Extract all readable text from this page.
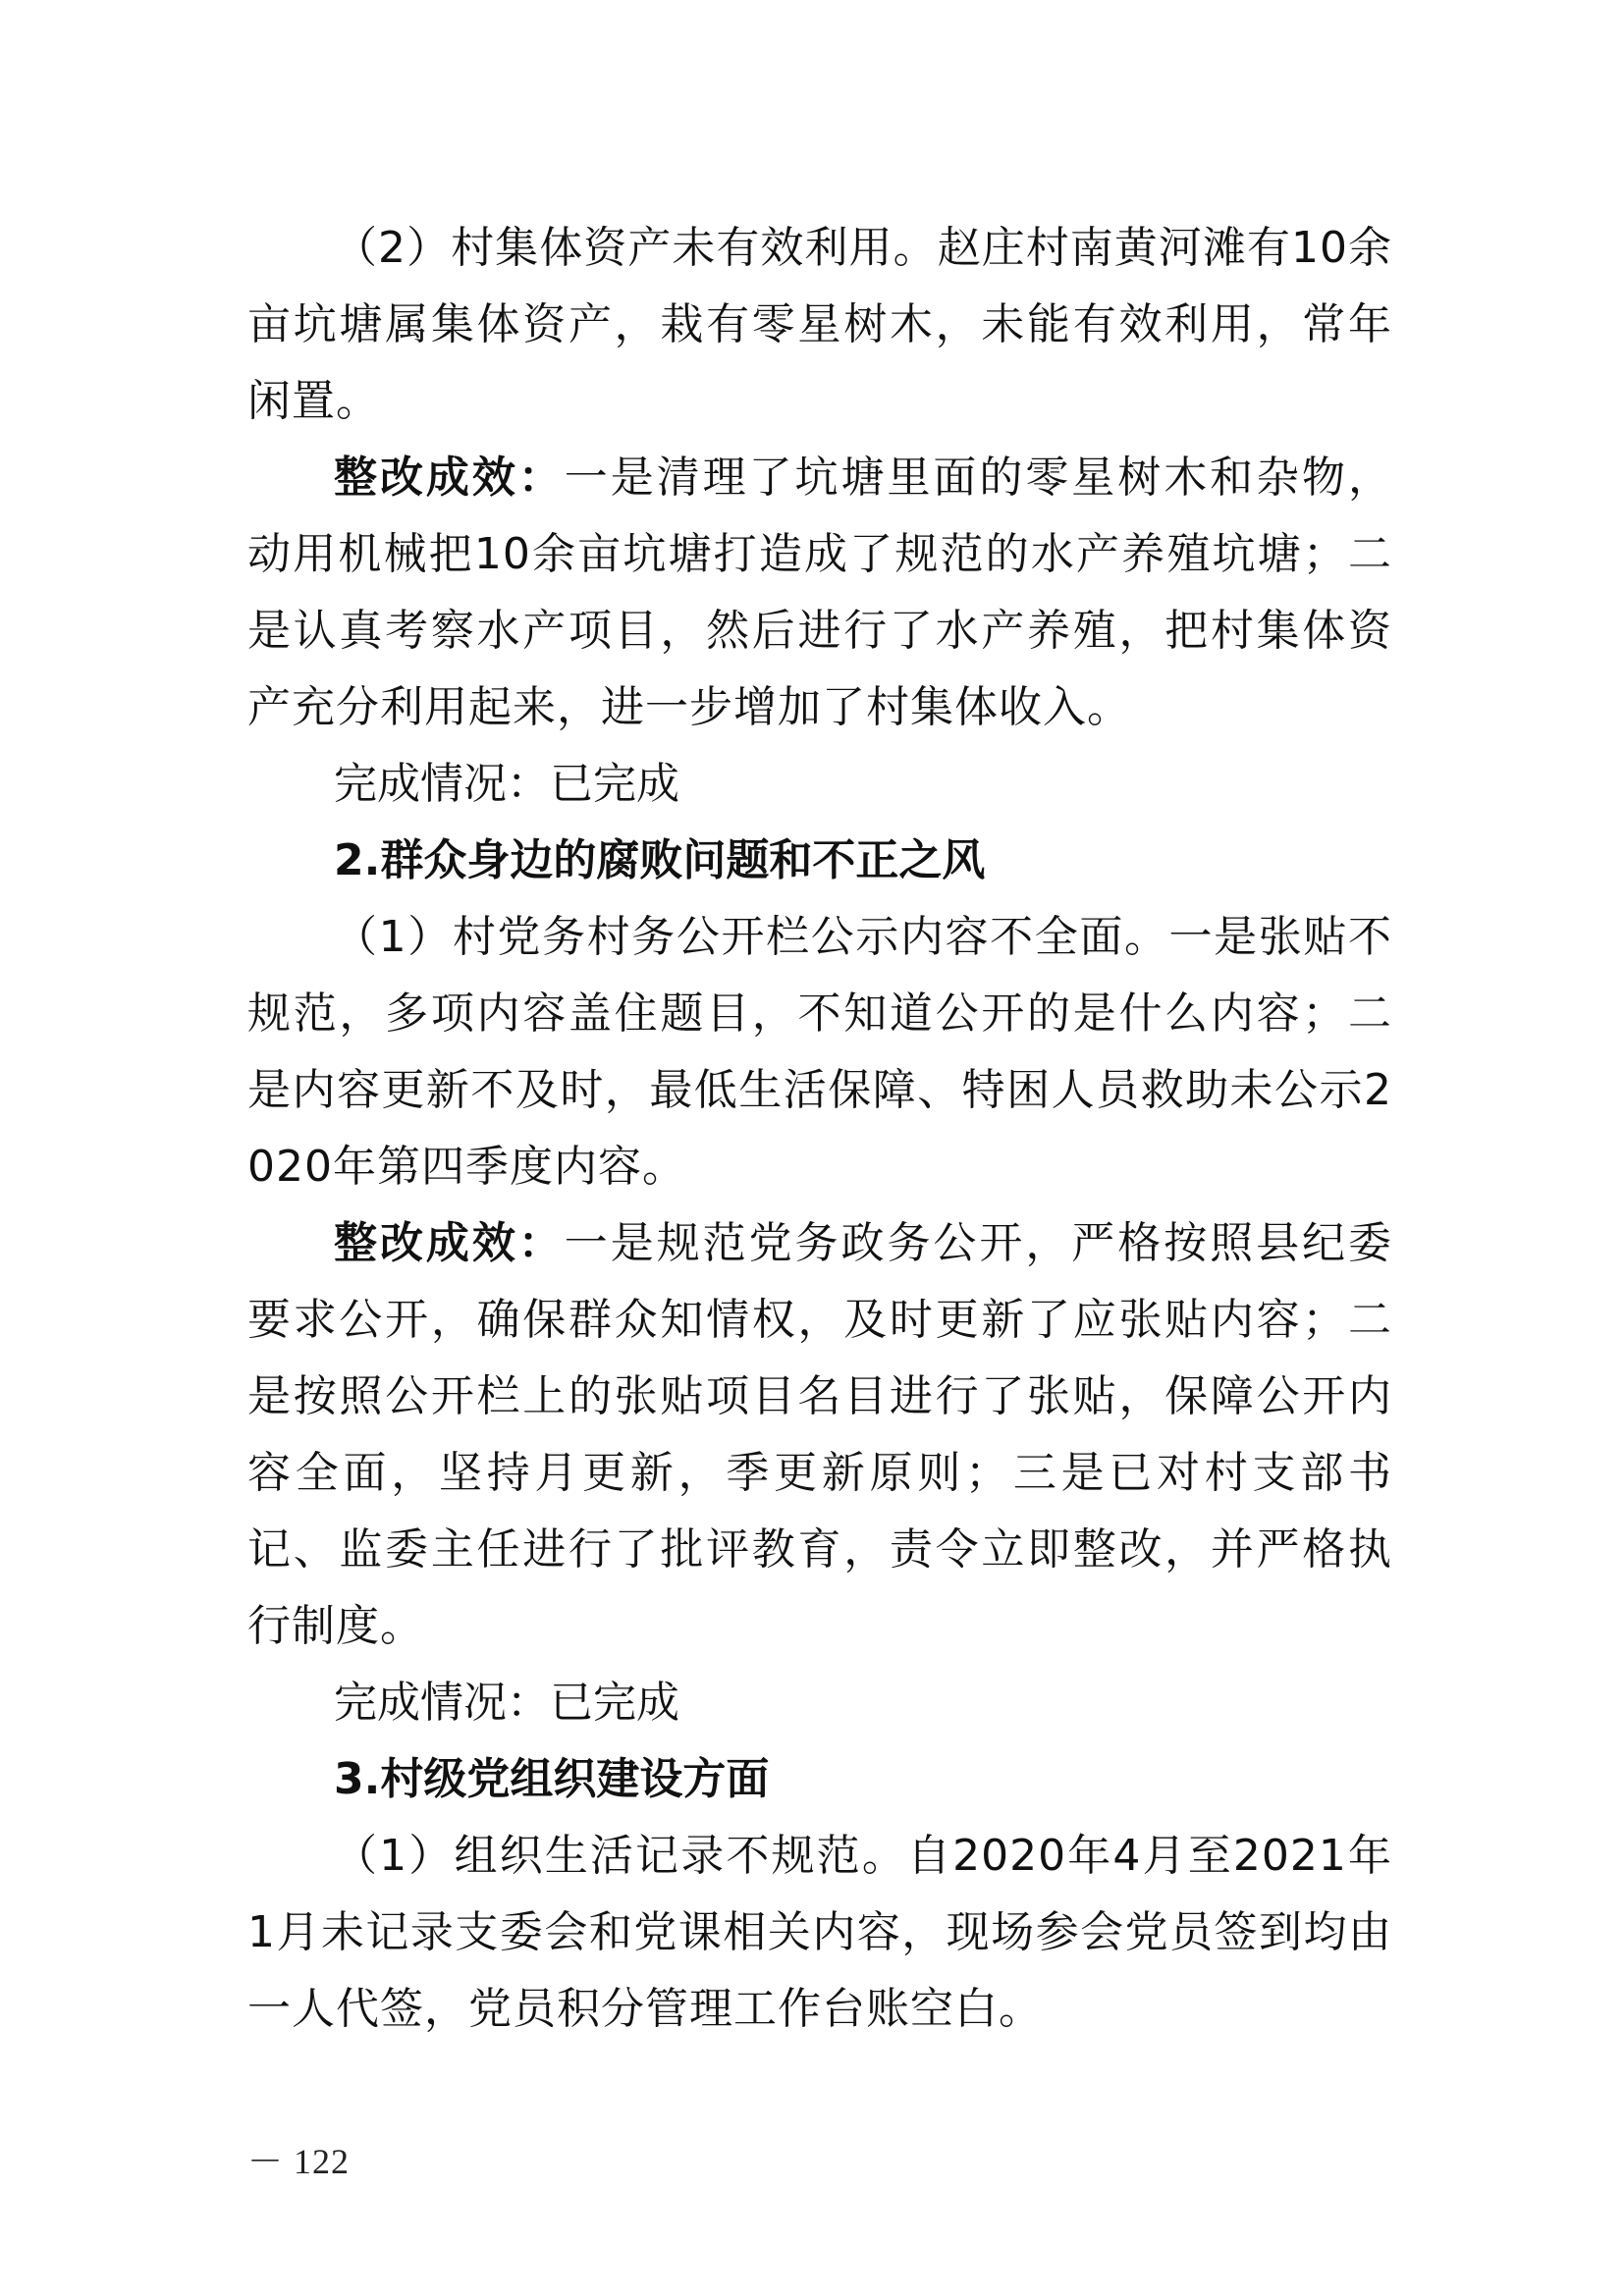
（2）村集体资产未有效利用。赵庄村南黄河滩有10余亩坑塘属集体资产，栽有零星树木，未能有效利用，常年闲置。

整改成效：一是清理了坑塘里面的零星树木和杂物，动用机械把10余亩坑塘打造成了规范的水产养殖坑塘；二是认真考察水产项目，然后进行了水产养殖，把村集体资产充分利用起来，进一步增加了村集体收入。

完成情况：已完成

2.群众身边的腐败问题和不正之风

（1）村党务村务公开栏公示内容不全面。一是张贴不规范，多项内容盖住题目，不知道公开的是什么内容；二是内容更新不及时，最低生活保障、特困人员救助未公示2020年第四季度内容。

整改成效：一是规范党务政务公开，严格按照县纪委要求公开，确保群众知情权，及时更新了应张贴内容；二是按照公开栏上的张贴项目名目进行了张贴，保障公开内容全面，坚持月更新，季更新原则；三是已对村支部书记、监委主任进行了批评教育，责令立即整改，并严格执行制度。

完成情况：已完成

3.村级党组织建设方面

（1）组织生活记录不规范。自2020年4月至2021年1月未记录支委会和党课相关内容，现场参会党员签到均由一人代签，党员积分管理工作台账空白。

－ 122
